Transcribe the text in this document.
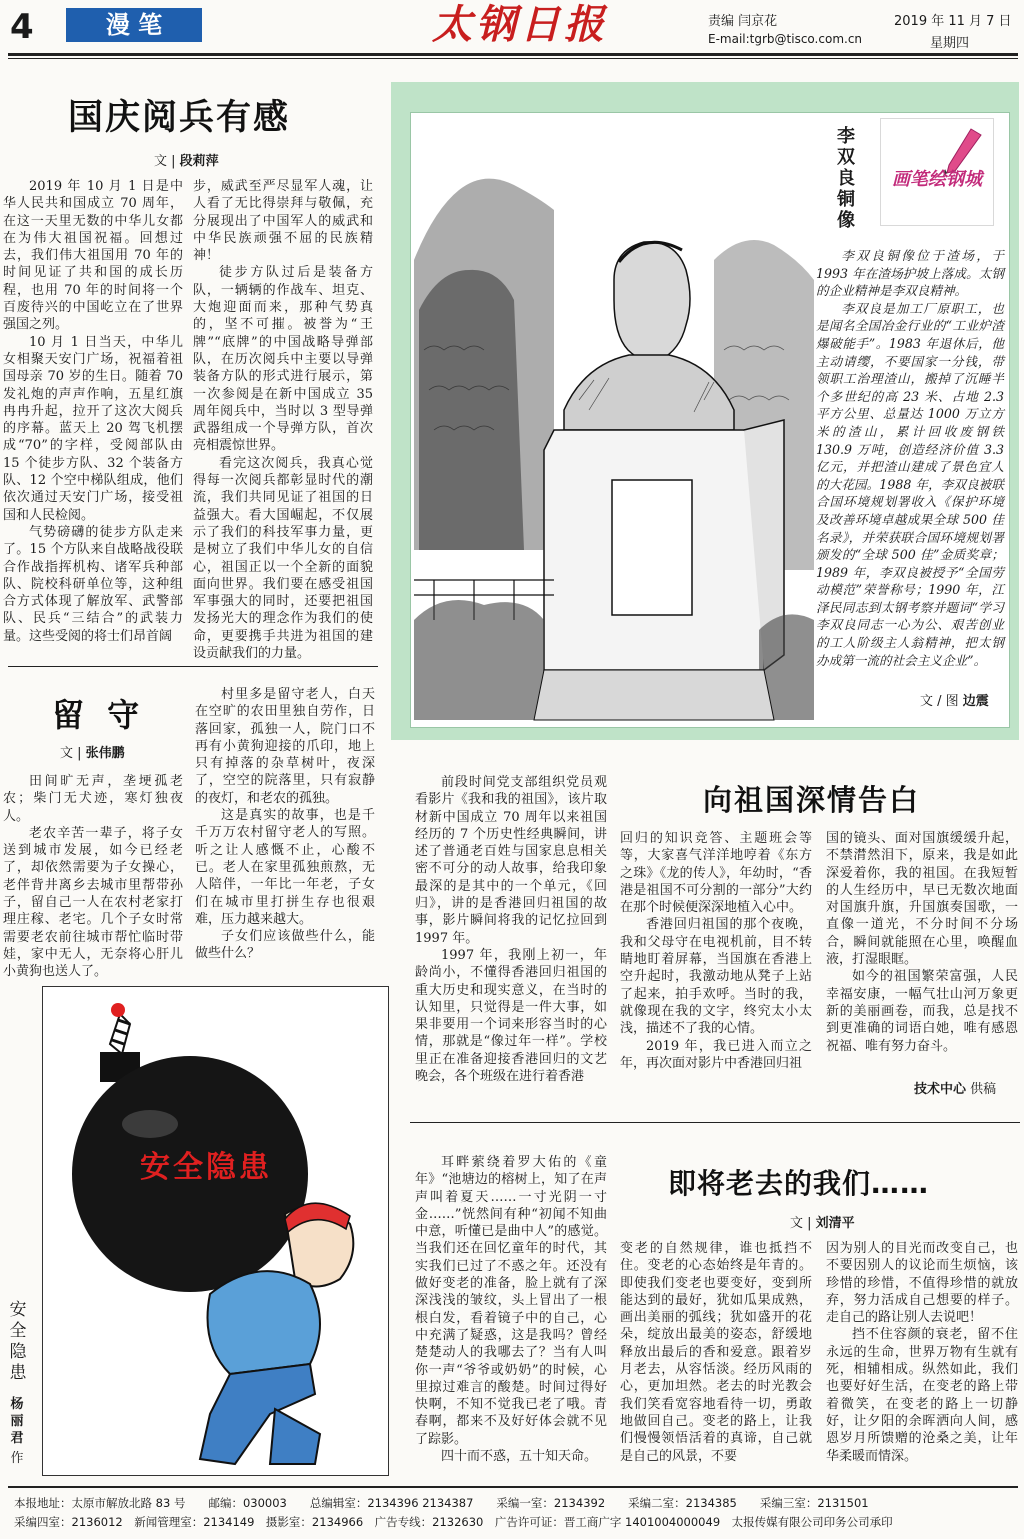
4	漫 笔	太钢日报	责编 闫京花
E-mail:tgrb@tisco.com.cn
2019 年 11 月 7 日
星期四
国庆阅兵有感
文 | 段莉萍

2019 年 10 月 1 日是中华人民共和国成立 70 周年，在这一天里无数的中华儿女都在为伟大祖国祝福。回想过去，我们伟大祖国用 70 年的时间见证了共和国的成长历程，也用 70 年的时间将一个百废待兴的中国屹立在了世界强国之列。

10 月 1 日当天，中华儿女相聚天安门广场，祝福着祖国母亲 70 岁的生日。随着 70 发礼炮的声声作响，五星红旗冉冉升起，拉开了这次大阅兵的序幕。蓝天上 20 驾飞机摆成“70”的字样，受阅部队由 15 个徒步方队、32 个装备方队、12 个空中梯队组成，他们依次通过天安门广场，接受祖国和人民检阅。

气势磅礴的徒步方队走来了。15 个方队来自战略战役联合作战指挥机构、诸军兵种部队、院校科研单位等，这种组合方式体现了解放军、武警部队、民兵“三结合”的武装力量。这些受阅的将士们昂首阔

步，威武至严尽显军人魂，让人看了无比得崇拜与敬佩，充分展现出了中国军人的威武和中华民族顽强不屈的民族精神！

徒步方队过后是装备方队，一辆辆的作战车、坦克、大炮迎面而来，那种气势真的，坚不可摧。被誉为“王牌”“底牌”的中国战略导弹部队，在历次阅兵中主要以导弹装备方队的形式进行展示，第一次参阅是在新中国成立 35 周年阅兵中，当时以 3 型导弹武器组成一个导弹方队，首次亮相震惊世界。

看完这次阅兵，我真心觉得每一次阅兵都彰显时代的潮流，我们共同见证了祖国的日益强大。看大国崛起，不仅展示了我们的科技军事力量，更是树立了我们中华儿女的自信心，祖国正以一个全新的面貌面向世界。我们要在感受祖国军事强大的同时，还要把祖国发扬光大的理念作为我们的使命，更要携手共进为祖国的建设贡献我们的力量。

李双良铜像
画笔绘钢城

李双良铜像位于渣场，于 1993 年在渣场护坡上落成。太钢的企业精神是李双良精神。

李双良是加工厂原职工，也是闻名全国冶金行业的“工业炉渣爆破能手”。1983 年退休后，他主动请缨，不要国家一分钱，带领职工治理渣山，搬掉了沉睡半个多世纪的高 23 米、占地 2.3 平方公里、总量达 1000 万立方米的渣山，累计回收废钢铁 130.9 万吨，创造经济价值 3.3 亿元，并把渣山建成了景色宜人的大花园。1988 年，李双良被联合国环境规划署收入《保护环境及改善环境卓越成果全球 500 佳名录》，并荣获联合国环境规划署颁发的“全球 500 佳”金质奖章；1989 年，李双良被授予“全国劳动模范”荣誉称号；1990 年，江泽民同志到太钢考察并题词“学习李双良同志一心为公、艰苦创业的工人阶级主人翁精神，把太钢办成第一流的社会主义企业”。

文 / 图 边震
留 守
文 | 张伟鹏

田间旷无声，垄埂孤老农；柴门无犬迹，寒灯独夜人。

老农辛苦一辈子，将子女送到城市发展，如今已经老了，却依然需要为子女操心，老伴背井离乡去城市里帮带孙子，留自己一人在农村老家打理庄稼、老宅。几个子女时常需要老农前往城市帮忙临时带娃，家中无人，无奈将心肝儿小黄狗也送人了。

村里多是留守老人，白天在空旷的农田里独自劳作，日落回家，孤独一人，院门口不再有小黄狗迎接的爪印，地上只有掉落的杂草树叶，夜深了，空空的院落里，只有寂静的夜灯，和老农的孤独。

这是真实的故事，也是千千万万农村留守老人的写照。听之让人感慨不止，心酸不已。老人在家里孤独煎熬，无人陪伴，一年比一年老，子女们在城市里打拼生存也很艰难，压力越来越大。

子女们应该做些什么，能做些什么？

安全隐患
安全隐患
杨丽君
作
向祖国深情告白

前段时间党支部组织党员观看影片《我和我的祖国》，该片取材新中国成立 70 周年以来祖国经历的 7 个历史性经典瞬间，讲述了普通老百姓与国家息息相关密不可分的动人故事，给我印象最深的是其中的一个单元，《回归》，讲的是香港回归祖国的故事，影片瞬间将我的记忆拉回到 1997 年。

1997 年，我刚上初一，年龄尚小，不懂得香港回归祖国的重大历史和现实意义，在当时的认知里，只觉得是一件大事，如果非要用一个词来形容当时的心情，那就是“像过年一样”。学校里正在准备迎接香港回归的文艺晚会，各个班级在进行着香港

回归的知识竞答、主题班会等等，大家喜气洋洋地哼着《东方之珠》《龙的传人》，年幼时，“香港是祖国不可分割的一部分”大约在那个时候便深深地植入心中。

香港回归祖国的那个夜晚，我和父母守在电视机前，目不转睛地盯着屏幕，当国旗在香港上空升起时，我激动地从凳子上站了起来，拍手欢呼。当时的我，就像现在我的文字，终究太小太浅，描述不了我的心情。

2019 年，我已进入而立之年，再次面对影片中香港回归祖

国的镜头、面对国旗缓缓升起，不禁潸然泪下，原来，我是如此深爱着你，我的祖国。在我短暂的人生经历中，早已无数次地面对国旗升旗，升国旗奏国歌，一直像一道光，不分时间不分场合，瞬间就能照在心里，唤醒血液，打湿眼眶。

如今的祖国繁荣富强，人民幸福安康，一幅气壮山河万象更新的美丽画卷，而我，总是找不到更准确的词语白她，唯有感恩祝福、唯有努力奋斗。

技术中心 供稿
即将老去的我们……
文 | 刘清平

耳畔萦绕着罗大佑的《童年》“池塘边的榕树上，知了在声声叫着夏天……一寸光阴一寸金……”恍然间有种“初闻不知曲中意，听懂已是曲中人”的感觉。当我们还在回忆童年的时代，其实我们已过了不惑之年。还没有做好变老的准备，脸上就有了深深浅浅的皱纹，头上冒出了一根根白发，看着镜子中的自己，心中充满了疑惑，这是我吗？曾经楚楚动人的我哪去了？当有人叫你一声“爷爷或奶奶”的时候，心里掠过难言的酸楚。时间过得好快啊，不知不觉我已老了哦。青春啊，都来不及好好体会就不见了踪影。

四十而不惑，五十知天命。

变老的自然规律，谁也抵挡不住。变老的心态始终是年青的。即使我们变老也要变好，变到所能达到的最好，犹如瓜果成熟，画出美丽的弧线；犹如盛开的花朵，绽放出最美的姿态，舒缓地释放出最后的香和爱意。跟着岁月老去，从容恬淡。经历风雨的心，更加坦然。老去的时光教会我们笑看宽容地看待一切，勇敢地做回自己。变老的路上，让我们慢慢领悟活着的真谛，自己就是自己的风景，不要

因为别人的目光而改变自己，也不要因别人的议论而生烦恼，该珍惜的珍惜，不值得珍惜的就放弃，努力活成自己想要的样子。走自己的路让别人去说吧！

挡不住容颜的衰老，留不住永远的生命，世界万物有生就有死，相辅相成。纵然如此，我们也要好好生活，在变老的路上带着微笑，在变老的路上一切静好，让夕阳的余晖洒向人间，感恩岁月所馈赠的沧桑之美，让年华柔暖而情深。

本报地址：太原市解放北路 83 号　　邮编：030003　　总编辑室：2134396 2134387　　采编一室：2134392　　采编二室：2134385　　采编三室：2131501
采编四室：2136012　新闻管理室：2134149　摄影室：2134966　广告专线：2132630　广告许可证：晋工商广字 1401004000049　太报传媒有限公司印务公司承印
